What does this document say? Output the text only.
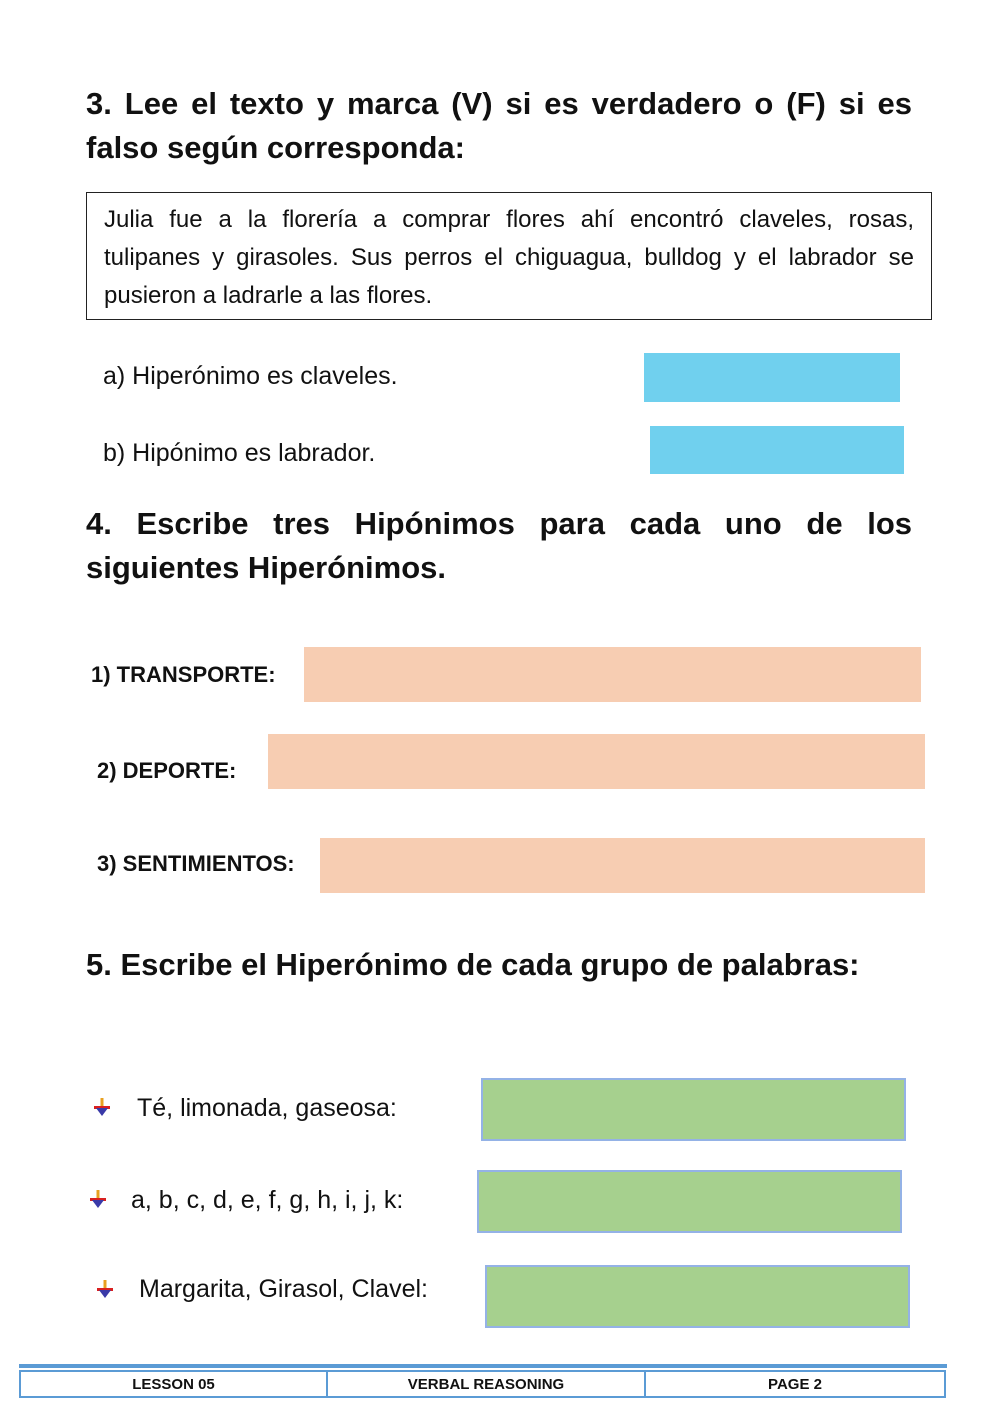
3. Lee el texto y marca (V) si es verdadero o (F) si es falso según corresponda:
Julia fue a la florería a comprar flores ahí encontró claveles, rosas, tulipanes y girasoles. Sus perros el chiguagua, bulldog y el labrador se pusieron a ladrarle a las flores.
a) Hiperónimo es claveles.
b) Hipónimo es labrador.
4. Escribe tres Hipónimos para cada uno de los siguientes Hiperónimos.
1) TRANSPORTE:
2) DEPORTE:
3) SENTIMIENTOS:
5. Escribe el Hiperónimo de cada grupo de palabras:
Té, limonada, gaseosa:
a, b, c, d, e, f, g, h, i, j, k:
Margarita, Girasol, Clavel:
LESSON 05	VERBAL REASONING	PAGE 2
